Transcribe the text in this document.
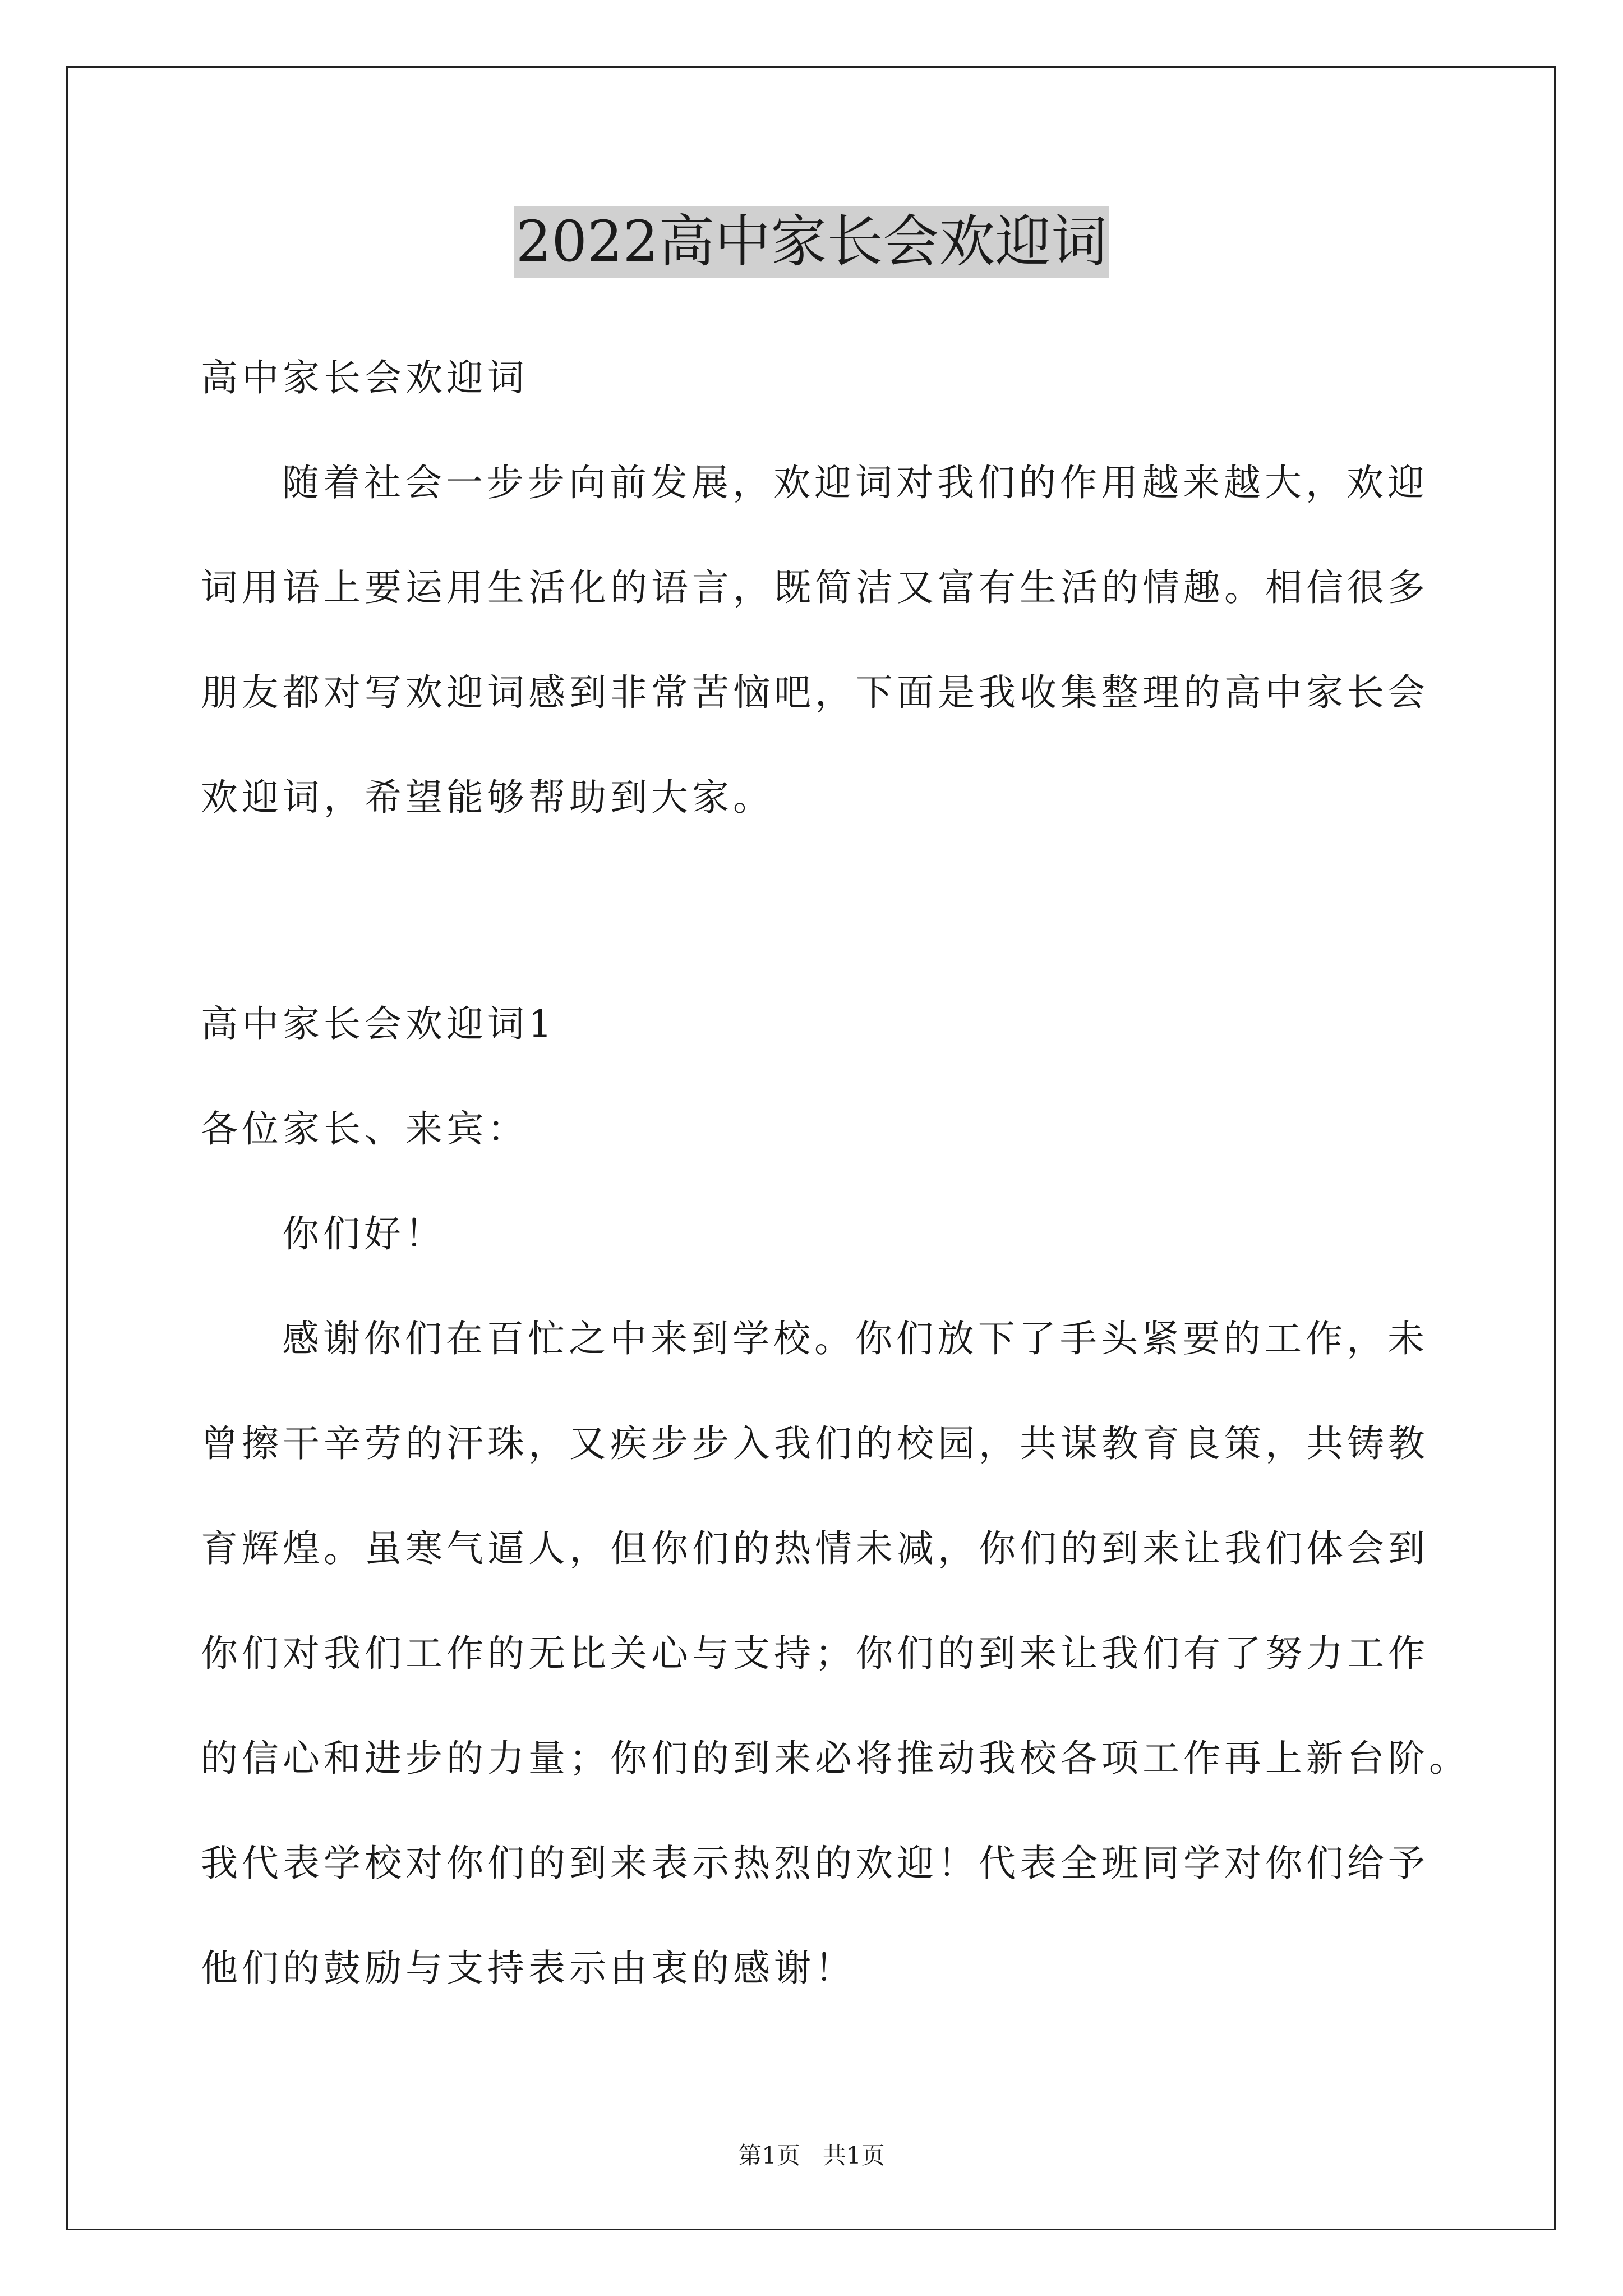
2022高中家长会欢迎词
高中家长会欢迎词
随着社会一步步向前发展，欢迎词对我们的作用越来越大，欢迎
词用语上要运用生活化的语言，既简洁又富有生活的情趣。相信很多
朋友都对写欢迎词感到非常苦恼吧，下面是我收集整理的高中家长会
欢迎词，希望能够帮助到大家。
高中家长会欢迎词1
各位家长、来宾：
你们好！
感谢你们在百忙之中来到学校。你们放下了手头紧要的工作，未
曾擦干辛劳的汗珠，又疾步步入我们的校园，共谋教育良策，共铸教
育辉煌。虽寒气逼人，但你们的热情未减，你们的到来让我们体会到
你们对我们工作的无比关心与支持；你们的到来让我们有了努力工作
的信心和进步的力量；你们的到来必将推动我校各项工作再上新台阶。
我代表学校对你们的到来表示热烈的欢迎！代表全班同学对你们给予
他们的鼓励与支持表示由衷的感谢！
第1页   共1页
